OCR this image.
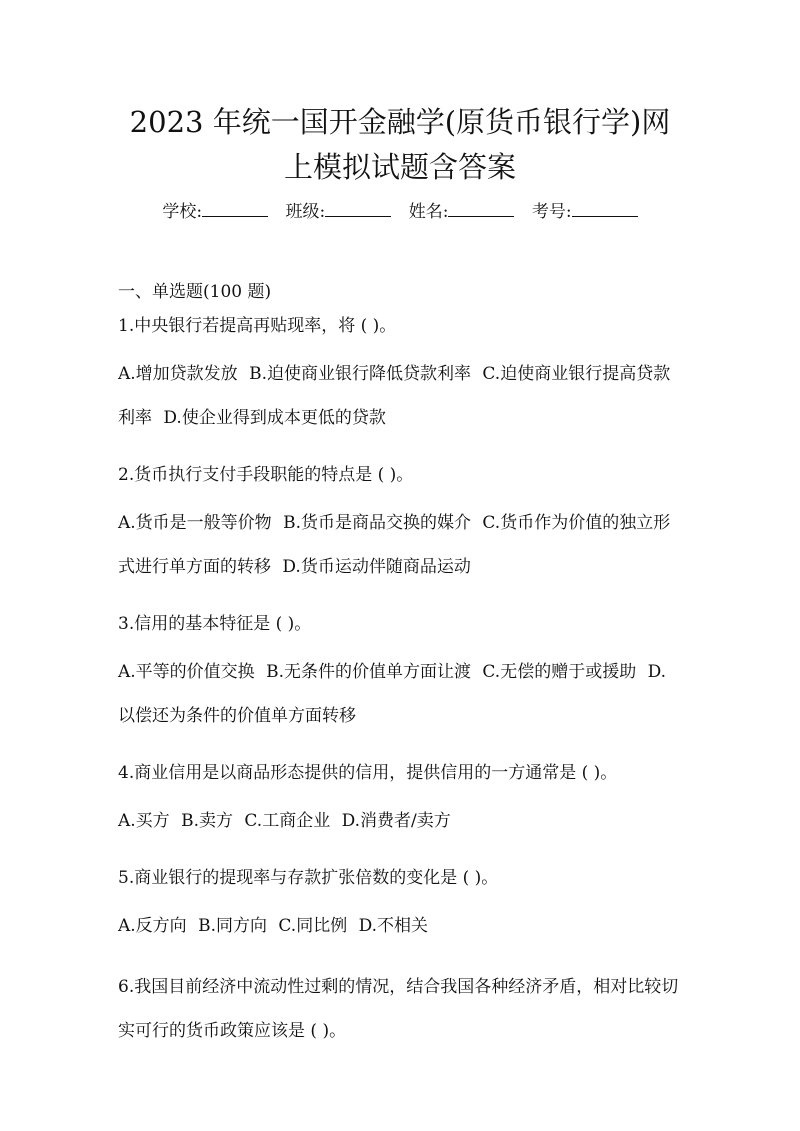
2023 年统一国开金融学(原货币银行学)网
上模拟试题含答案
学校:	班级:	姓名:	考号:
一、单选题(100 题)

1.中央银行若提高再贴现率，将 ( )。

A.增加贷款发放 B.迫使商业银行降低贷款利率 C.迫使商业银行提高贷款利率 D.使企业得到成本更低的贷款

2.货币执行支付手段职能的特点是 ( )。

A.货币是一般等价物 B.货币是商品交换的媒介 C.货币作为价值的独立形式进行单方面的转移 D.货币运动伴随商品运动

3.信用的基本特征是 ( )。

A.平等的价值交换 B.无条件的价值单方面让渡 C.无偿的赠于或援助 D.以偿还为条件的价值单方面转移

4.商业信用是以商品形态提供的信用，提供信用的一方通常是 ( )。

A.买方 B.卖方 C.工商企业 D.消费者/卖方

5.商业银行的提现率与存款扩张倍数的变化是 ( )。

A.反方向 B.同方向 C.同比例 D.不相关

6.我国目前经济中流动性过剩的情况，结合我国各种经济矛盾，相对比较切实可行的货币政策应该是 ( )。
